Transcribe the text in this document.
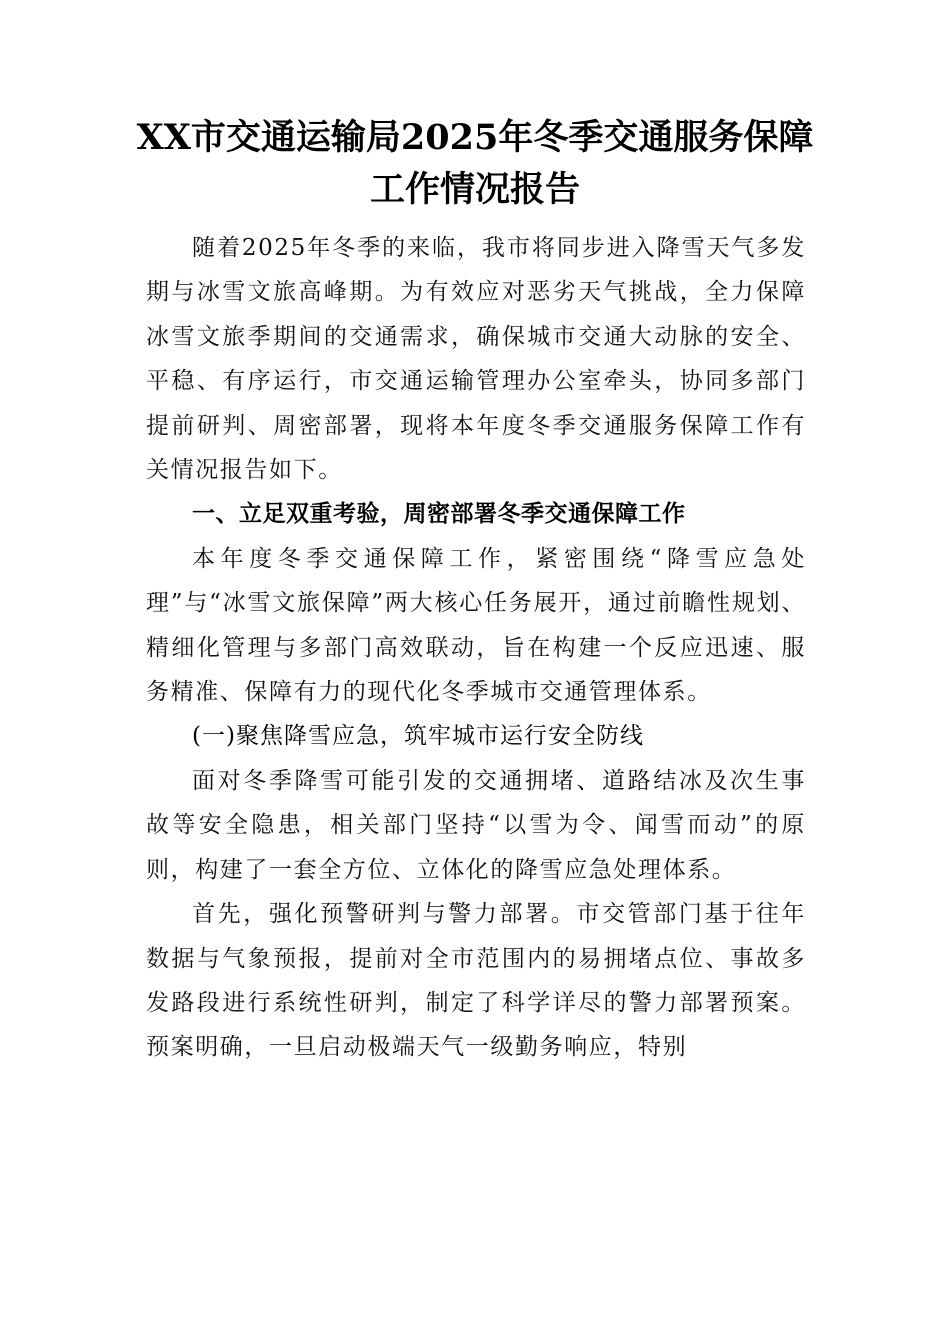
XX市交通运输局2025年冬季交通服务保障工作情况报告

随着2025年冬季的来临，我市将同步进入降雪天气多发期与冰雪文旅高峰期。为有效应对恶劣天气挑战，全力保障冰雪文旅季期间的交通需求，确保城市交通大动脉的安全、平稳、有序运行，市交通运输管理办公室牵头，协同多部门提前研判、周密部署，现将本年度冬季交通服务保障工作有关情况报告如下。

一、立足双重考验，周密部署冬季交通保障工作

本年度冬季交通保障工作，紧密围绕“降雪应急处理”与“冰雪文旅保障”两大核心任务展开，通过前瞻性规划、精细化管理与多部门高效联动，旨在构建一个反应迅速、服务精准、保障有力的现代化冬季城市交通管理体系。

(一)聚焦降雪应急，筑牢城市运行安全防线

面对冬季降雪可能引发的交通拥堵、道路结冰及次生事故等安全隐患，相关部门坚持“以雪为令、闻雪而动”的原则，构建了一套全方位、立体化的降雪应急处理体系。

首先，强化预警研判与警力部署。市交管部门基于往年数据与气象预报，提前对全市范围内的易拥堵点位、事故多发路段进行系统性研判，制定了科学详尽的警力部署预案。预案明确，一旦启动极端天气一级勤务响应，特别
